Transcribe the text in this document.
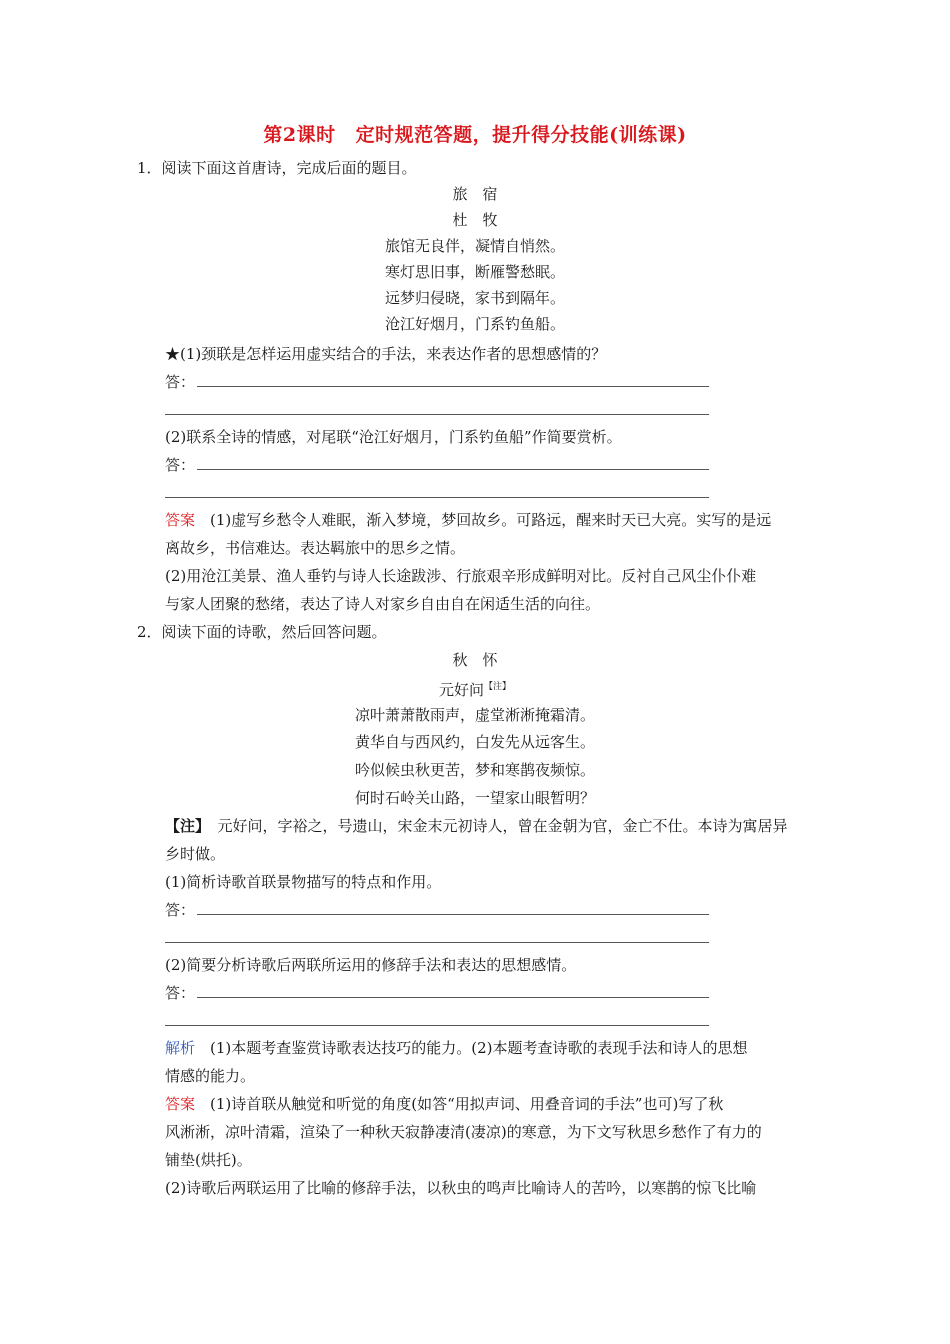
第2课时 定时规范答题，提升得分技能(训练课)
1．阅读下面这首唐诗，完成后面的题目。
旅　宿
杜　牧
旅馆无良伴，凝情自悄然。
寒灯思旧事，断雁警愁眠。
远梦归侵晓，家书到隔年。
沧江好烟月，门系钓鱼船。
★(1)颈联是怎样运用虚实结合的手法，来表达作者的思想感情的？
答：
(2)联系全诗的情感，对尾联“沧江好烟月，门系钓鱼船”作简要赏析。
答：
答案　 (1)虚写乡愁令人难眠，渐入梦境，梦回故乡。可路远，醒来时天已大亮。实写的是远
离故乡，书信难达。表达羁旅中的思乡之情。
(2)用沧江美景、渔人垂钓与诗人长途跋涉、行旅艰辛形成鲜明对比。反衬自己风尘仆仆难
与家人团聚的愁绪，表达了诗人对家乡自由自在闲适生活的向往。
2．阅读下面的诗歌，然后回答问题。
秋　怀
元好问$^{【注】}$
凉叶萧萧散雨声，虚堂淅淅掩霜清。
黄华自与西风约，白发先从远客生。
吟似候虫秋更苦，梦和寒鹊夜频惊。
何时石岭关山路，一望家山眼暂明？
【注】　 元好问，字裕之，号遗山，宋金末元初诗人，曾在金朝为官，金亡不仕。本诗为寓居异
乡时做。
(1)简析诗歌首联景物描写的特点和作用。
答：
(2)简要分析诗歌后两联所运用的修辞手法和表达的思想感情。
答：
解析　 (1)本题考查鉴赏诗歌表达技巧的能力。(2)本题考查诗歌的表现手法和诗人的思想
情感的能力。
答案　 (1)诗首联从触觉和听觉的角度(如答“用拟声词、用叠音词的手法”也可)写了秋
风淅淅，凉叶清霜，渲染了一种秋天寂静凄清(凄凉)的寒意，为下文写秋思乡愁作了有力的
铺垫(烘托)。
(2)诗歌后两联运用了比喻的修辞手法，以秋虫的鸣声比喻诗人的苦吟，以寒鹊的惊飞比喻
